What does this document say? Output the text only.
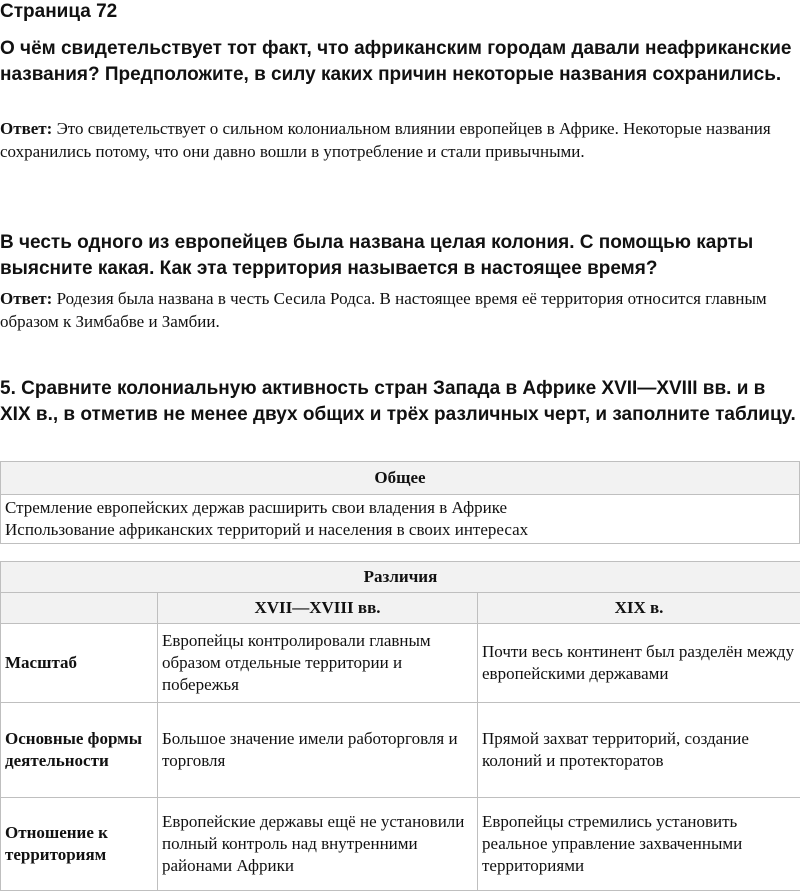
Страница 72
О чём свидетельствует тот факт, что африканским городам давали неафриканские названия? Предположите, в силу каких причин некоторые названия сохранились.
Ответ: Это свидетельствует о сильном колониальном влиянии европейцев в Африке. Некоторые названия сохранились потому, что они давно вошли в употребление и стали привычными.
В честь одного из европейцев была названа целая колония. С помощью карты выясните какая. Как эта территория называется в настоящее время?
Ответ: Родезия была названа в честь Сесила Родса. В настоящее время её территория относится главным образом к Зимбабве и Замбии.
5. Сравните колониальную активность стран Запада в Африке XVII—XVIII вв. и в XIX в., в отметив не менее двух общих и трёх различных черт, и заполните таблицу.
Общее

Стремление европейских держав расширить свои владения в Африке
Использование африканских территорий и населения в своих интересах
Различия		
	XVII—XVIII вв.	XIX в.
Масштаб	Европейцы контролировали главным образом отдельные территории и побережья	Почти весь континент был разделён между европейскими державами
Основные формы деятельности	Большое значение имели работорговля и торговля	Прямой захват территорий, создание колоний и протекторатов
Отношение к территориям	Европейские державы ещё не установили полный контроль над внутренними районами Африки	Европейцы стремились установить реальное управление захваченными территориями
